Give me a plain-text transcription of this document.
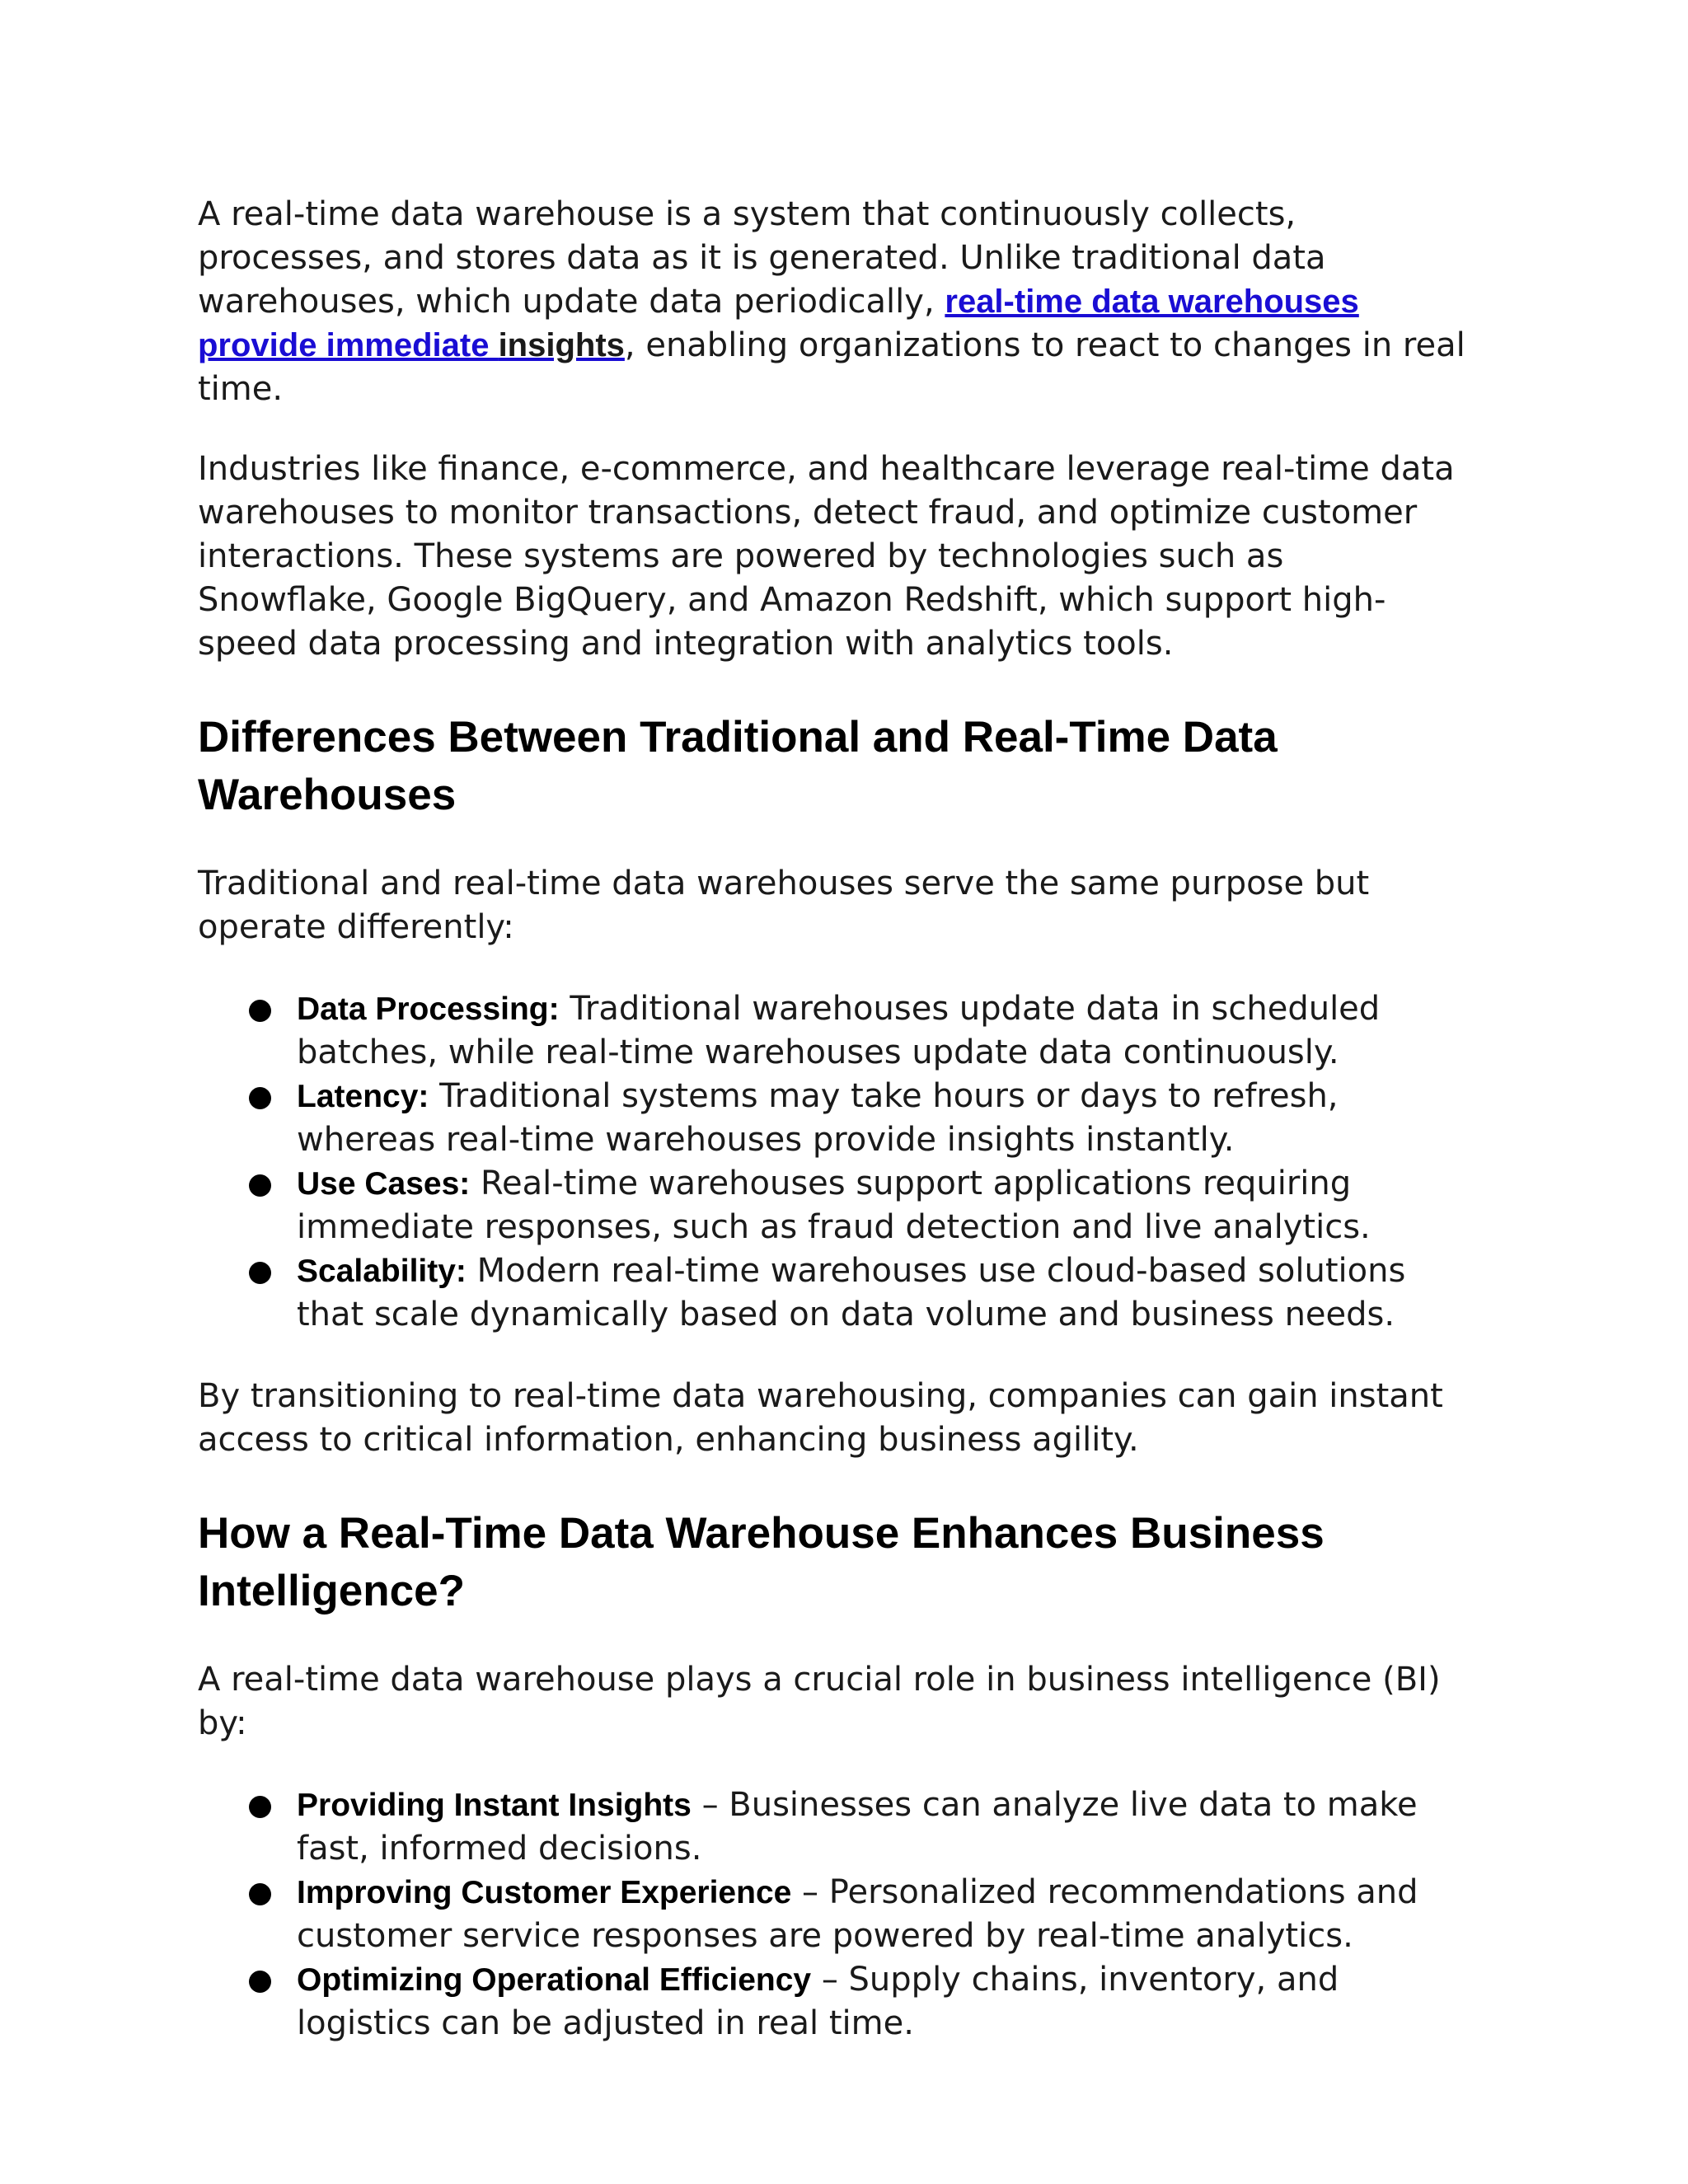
A real-time data warehouse is a system that continuously collects, processes, and stores data as it is generated. Unlike traditional data warehouses, which update data periodically, real-time data warehouses provide immediate insights, enabling organizations to react to changes in real time.

Industries like finance, e-commerce, and healthcare leverage real-time data warehouses to monitor transactions, detect fraud, and optimize customer interactions. These systems are powered by technologies such as Snowflake, Google BigQuery, and Amazon Redshift, which support high-speed data processing and integration with analytics tools.

Differences Between Traditional and Real-Time Data Warehouses

Traditional and real-time data warehouses serve the same purpose but operate differently:

Data Processing: Traditional warehouses update data in scheduled batches, while real-time warehouses update data continuously.
Latency: Traditional systems may take hours or days to refresh, whereas real-time warehouses provide insights instantly.
Use Cases: Real-time warehouses support applications requiring immediate responses, such as fraud detection and live analytics.
Scalability: Modern real-time warehouses use cloud-based solutions that scale dynamically based on data volume and business needs.

By transitioning to real-time data warehousing, companies can gain instant access to critical information, enhancing business agility.

How a Real-Time Data Warehouse Enhances Business Intelligence?

A real-time data warehouse plays a crucial role in business intelligence (BI) by:

Providing Instant Insights – Businesses can analyze live data to make fast, informed decisions.
Improving Customer Experience – Personalized recommendations and customer service responses are powered by real-time analytics.
Optimizing Operational Efficiency – Supply chains, inventory, and logistics can be adjusted in real time.
